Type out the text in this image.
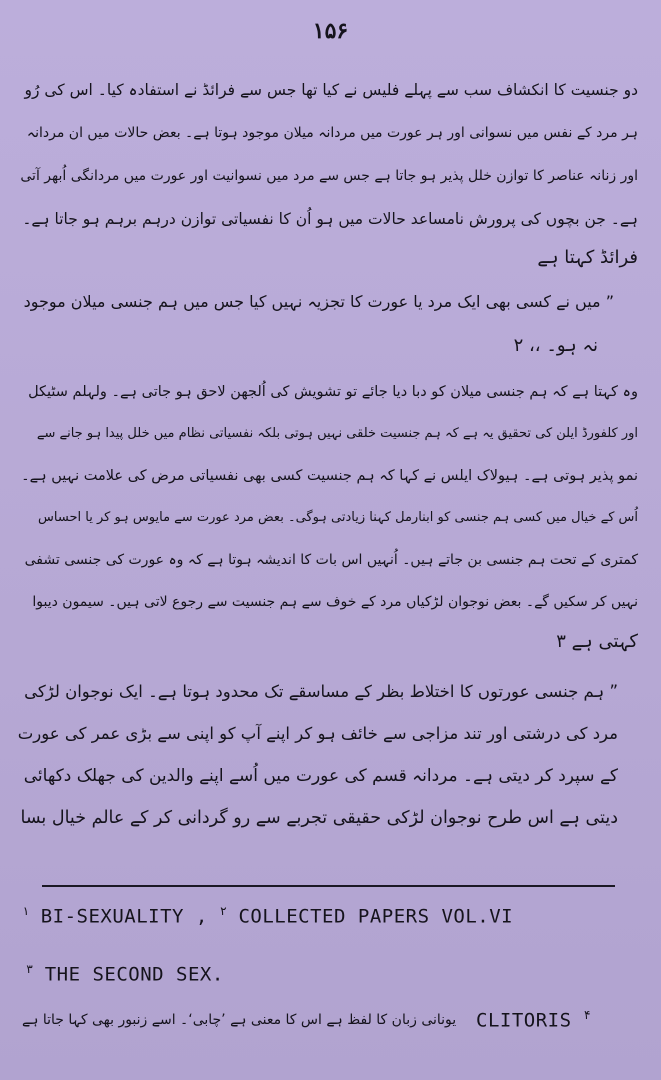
۱۵۶
دو جنسیت کا انکشاف سب سے پہلے فلیس نے کیا تھا جس سے فرائڈ نے استفادہ کیا۔ اس کی رُو
ہر مرد کے نفس میں نسوانی اور ہر عورت میں مردانہ میلان موجود ہوتا ہے۔ بعض حالات میں ان مردانہ
اور زنانہ عناصر کا توازن خلل پذیر ہو جاتا ہے جس سے مرد میں نسوانیت اور عورت میں مردانگی اُبھر آتی
ہے۔ جن بچوں کی پرورش نامساعد حالات میں ہو اُن کا نفسیاتی توازن درہم برہم ہو جاتا ہے۔
فرائڈ کہتا ہے
” میں نے کسی بھی ایک مرد یا عورت کا تجزیہ نہیں کیا جس میں ہم جنسی میلان موجود
نہ ہو۔ ،، ۲
وہ کہتا ہے کہ ہم جنسی میلان کو دبا دیا جائے تو تشویش کی اُلجھن لاحق ہو جاتی ہے۔ ولہلم سٹیکل
اور کلفورڈ ایلن کی تحقیق یہ ہے کہ ہم جنسیت خلقی نہیں ہوتی بلکہ نفسیاتی نظام میں خلل پیدا ہو جانے سے
نمو پذیر ہوتی ہے۔ ہیولاک ایلس نے کہا کہ ہم جنسیت کسی بھی نفسیاتی مرض کی علامت نہیں ہے۔
اُس کے خیال میں کسی ہم جنسی کو ابنارمل کہنا زیادتی ہوگی۔ بعض مرد عورت سے مایوس ہو کر یا احساس
کمتری کے تحت ہم جنسی بن جاتے ہیں۔ اُنہیں اس بات کا اندیشہ ہوتا ہے کہ وہ عورت کی جنسی تشفی
نہیں کر سکیں گے۔ بعض نوجوان لڑکیاں مرد کے خوف سے ہم جنسیت سے رجوع لاتی ہیں۔ سیمون دیبوا
کہتی ہے ۳
” ہم جنسی عورتوں کا اختلاط بظر کے مساسقے تک محدود ہوتا ہے۔ ایک نوجوان لڑکی
مرد کی درشتی اور تند مزاجی سے خائف ہو کر اپنے آپ کو اپنی سے بڑی عمر کی عورت
کے سپرد کر دیتی ہے۔ مردانہ قسم کی عورت میں اُسے اپنے والدین کی جھلک دکھائی
دیتی ہے اس طرح نوجوان لڑکی حقیقی تجربے سے رو گردانی کر کے عالم خیال بسا
$^۱$ BI-SEXUALITY , $^۲$ COLLECTED PAPERS VOL.VI
$^۳$ THE SECOND SEX.
یونانی زبان کا لفظ ہے اس کا معنی ہے ’چابی‘۔ اسے زنبور بھی کہا جاتا ہے CLITORIS $^۴$
